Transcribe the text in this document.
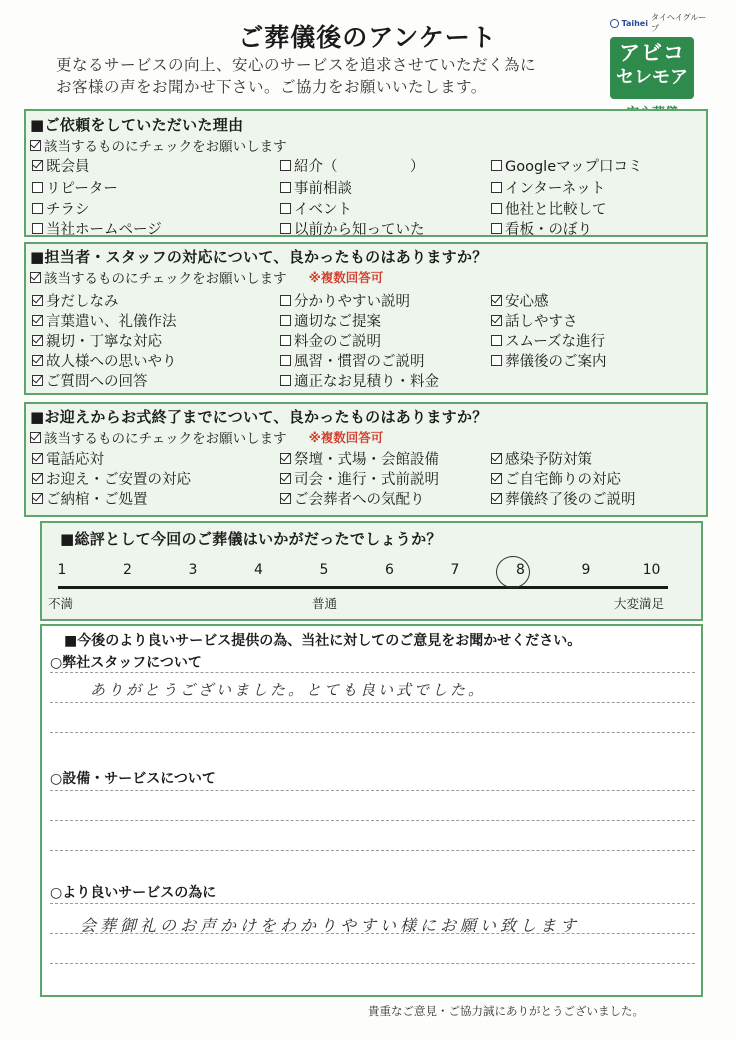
ご葬儀後のアンケート
更なるサービスの向上、安心のサービスを追求させていただく為に
お客様の声をお聞かせ下さい。ご協力をお願いいたします。
Taihei
タイヘイグループ
アビコ
セレモア
■ご依頼をしていただいた理由
該当するものにチェックをお願いします
既会員
リピーター
チラシ
当社ホームページ
紹介（　　　　　）
事前相談
イベント
以前から知っていた
Googleマップ口コミ
インターネット
他社と比較して
看板・のぼり
■担当者・スタッフの対応について、良かったものはありますか？
該当するものにチェックをお願いします ※複数回答可
身だしなみ
言葉遣い、礼儀作法
親切・丁寧な対応
故人様への思いやり
ご質問への回答
分かりやすい説明
適切なご提案
料金のご説明
風習・慣習のご説明
適正なお見積り・料金
安心感
話しやすさ
スムーズな進行
葬儀後のご案内
■お迎えからお式終了までについて、良かったものはありますか？
該当するものにチェックをお願いします ※複数回答可
電話応対
お迎え・ご安置の対応
ご納棺・ご処置
祭壇・式場・会館設備
司会・進行・式前説明
ご会葬者への気配り
感染予防対策
ご自宅飾りの対応
葬儀終了後のご説明
■総評として今回のご葬儀はいかがだったでしょうか？
1	2	3	4	5	6	7	8	9	10
不満	普通	大変満足
■今後のより良いサービス提供の為、当社に対してのご意見をお聞かせください。
○弊社スタッフについて
ありがとうございました。とても良い式でした。
○設備・サービスについて
○より良いサービスの為に
会葬御礼のお声かけをわかりやすい様にお願い致します
貴重なご意見・ご協力誠にありがとうございました。
